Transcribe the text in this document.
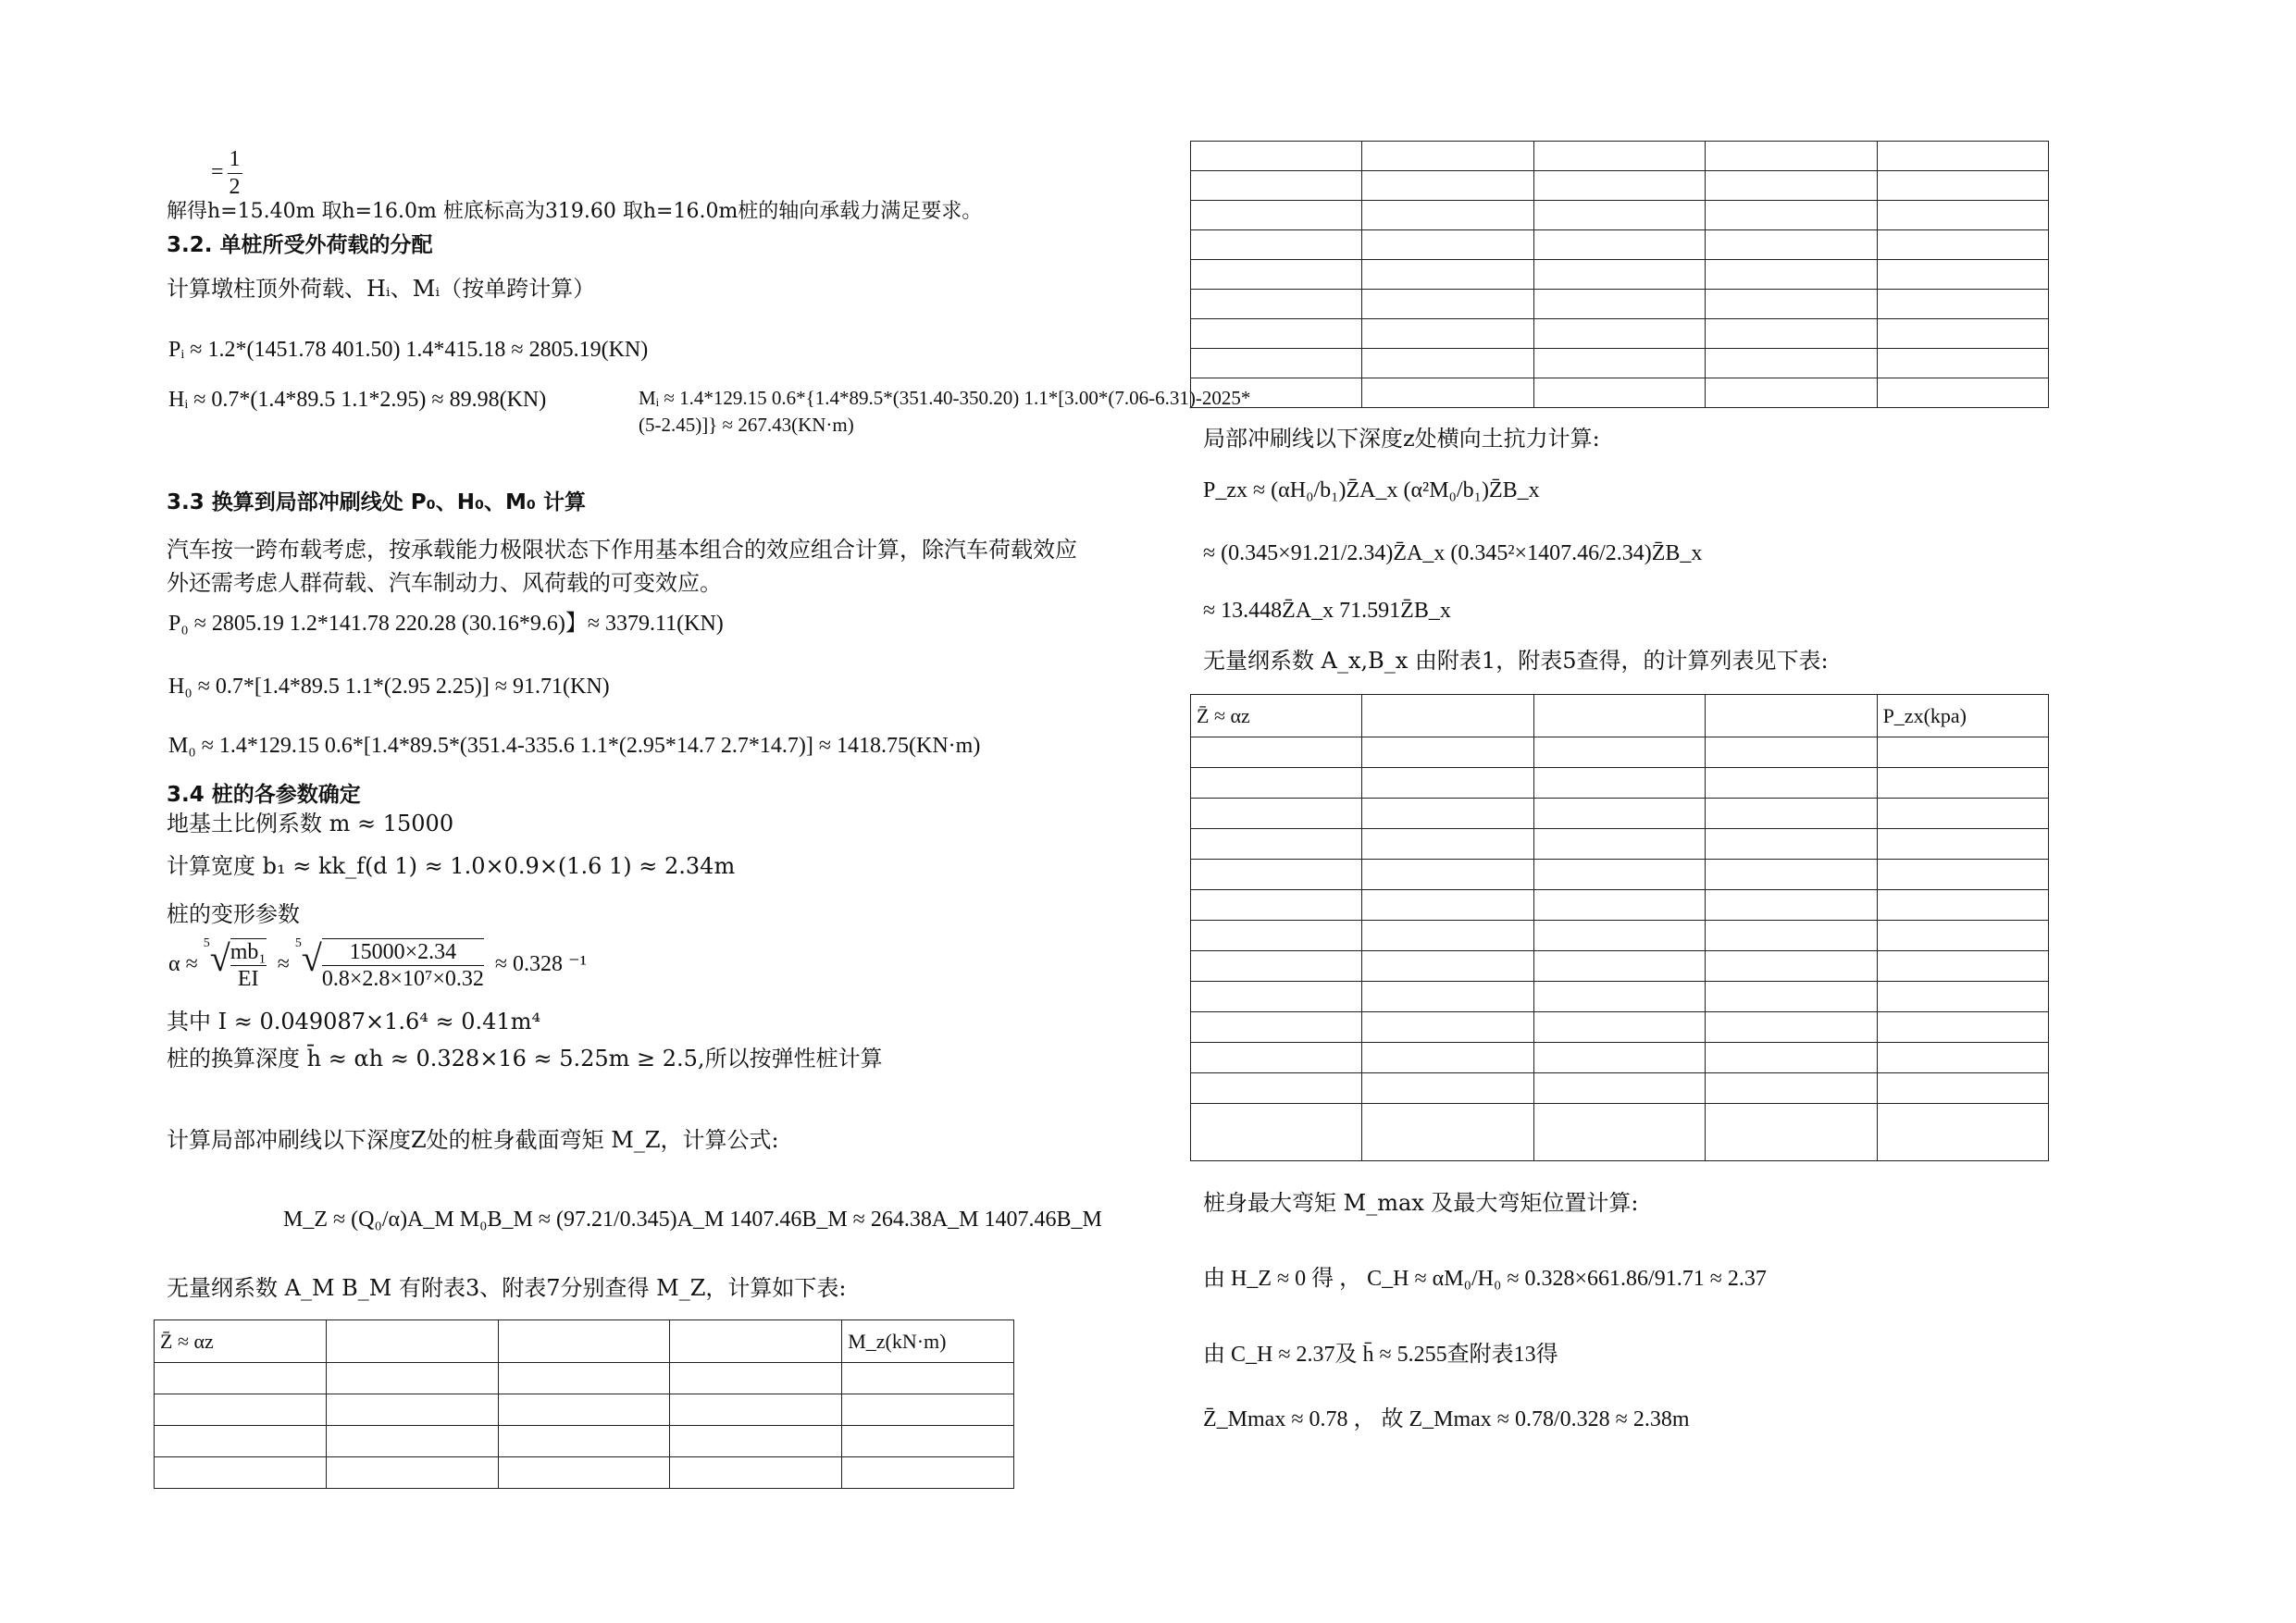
= $\frac{1}{2}$
解得h=15.40m 取h=16.0m 桩底标高为319.60 取h=16.0m桩的轴向承载力满足要求。
3.2. 单桩所受外荷载的分配
计算墩柱顶外荷载、Hᵢ、Mᵢ（按单跨计算）
Pᵢ ≈ 1.2*(1451.78 401.50) 1.4*415.18 ≈ 2805.19(KN)
Hᵢ ≈ 0.7*(1.4*89.5 1.1*2.95) ≈ 89.98(KN)	Mᵢ ≈ 1.4*129.15 0.6*{1.4*89.5*(351.40-350.20) 1.1*[3.00*(7.06-6.31)-2025*
(5-2.45)]} ≈ 267.43(KN·m)
3.3 换算到局部冲刷线处 P₀、H₀、M₀ 计算
汽车按一跨布载考虑，按承载能力极限状态下作用基本组合的效应组合计算，除汽车荷载效应
外还需考虑人群荷载、汽车制动力、风荷载的可变效应。
P₀ ≈ 2805.19 1.2*141.78 220.28 (30.16*9.6)】≈ 3379.11(KN)
H₀ ≈ 0.7*[1.4*89.5 1.1*(2.95 2.25)] ≈ 91.71(KN)
M₀ ≈ 1.4*129.15 0.6*[1.4*89.5*(351.4-335.6 1.1*(2.95*14.7 2.7*14.7)] ≈ 1418.75(KN·m)
3.4 桩的各参数确定
地基土比例系数 m ≈ 15000
计算宽度 b₁ ≈ kk_f(d 1) ≈ 1.0×0.9×(1.6 1) ≈ 2.34m
桩的变形参数
$\alpha \approx ^5√ \frac{\text{mb₁}}{EI} \approx ^5√ \frac{15000\times 2.34}{\text{0.8×2.8×10⁷×0.32}} \approx 0.328$ ⁻¹
其中 I ≈ 0.049087×1.6⁴ ≈ 0.41m⁴
桩的换算深度 h̄ ≈ αh ≈ 0.328×16 ≈ 5.25m ≥ 2.5,所以按弹性桩计算
计算局部冲刷线以下深度Z处的桩身截面弯矩 M_Z，计算公式:
M_Z ≈ (Q₀/α)A_M M₀B_M ≈ (97.21/0.345)A_M 1407.46B_M ≈ 264.38A_M 1407.46B_M
无量纲系数 A_M B_M 有附表3、附表7分别查得 M_Z，计算如下表:
Z̄ ≈ αz				M_z(kN·m)

局部冲刷线以下深度z处横向土抗力计算:
P_zx ≈ (αH₀/b₁)Z̄A_x (α²M₀/b₁)Z̄B_x
≈ (0.345×91.21/2.34)Z̄A_x (0.345²×1407.46/2.34)Z̄B_x
≈ 13.448Z̄A_x 71.591Z̄B_x
无量纲系数 A_x,B_x 由附表1，附表5查得，的计算列表见下表:
Z̄ ≈ αz				P_zx(kpa)

桩身最大弯矩 M_max 及最大弯矩位置计算:
由 H_Z ≈ 0 得 ， C_H ≈ αM₀/H₀ ≈ 0.328×661.86/91.71 ≈ 2.37
由 C_H ≈ 2.37及 h̄ ≈ 5.255查附表13得
Z̄_Mmax ≈ 0.78 ， 故 Z_Mmax ≈ 0.78/0.328 ≈ 2.38m
